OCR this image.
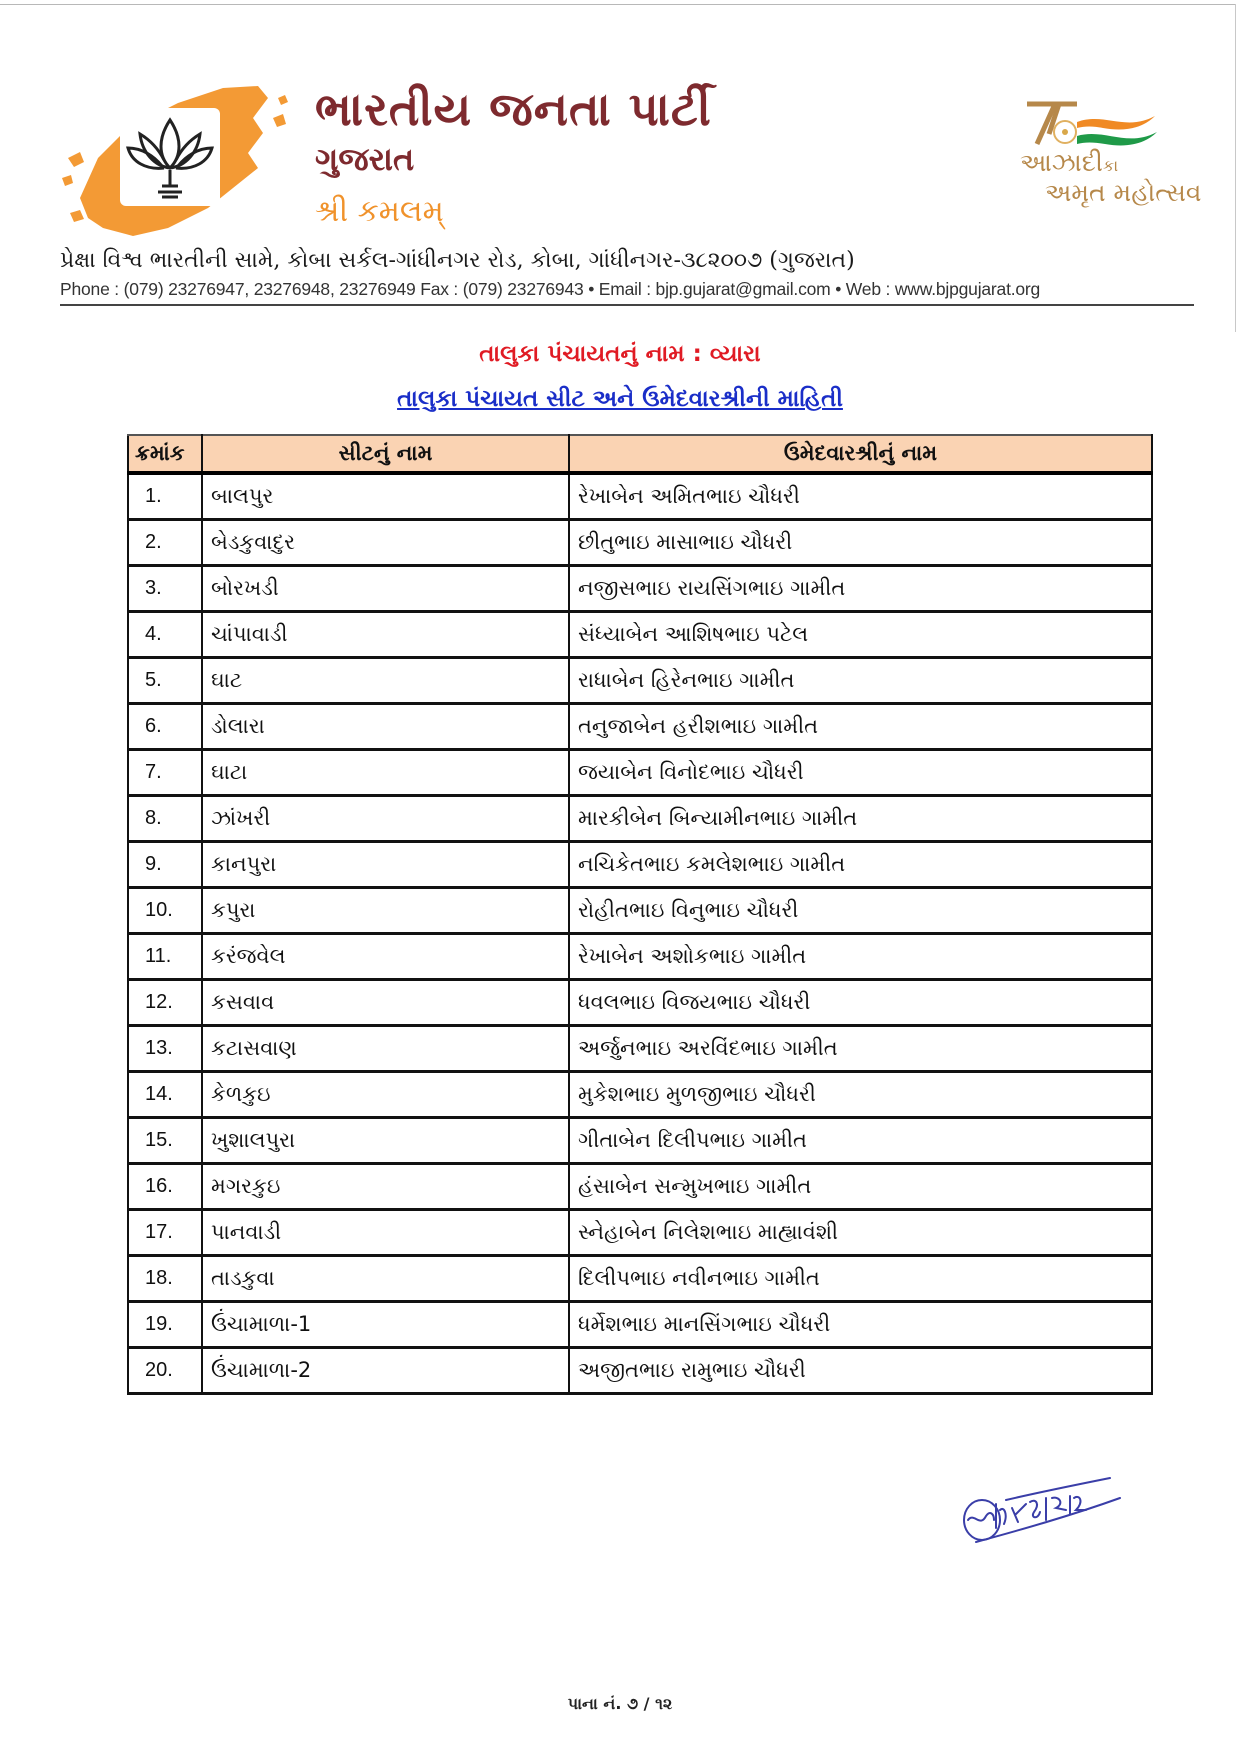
ભારતીય જનતા પાર્ટી
ગુજરાત
શ્રી કમલમ્
આઝાદીકા
અમૃત મહોત્સવ
પ્રેક્ષા વિશ્વ ભારતીની સામે, કોબા સર્કલ-ગાંધીનગર રોડ, કોબા, ગાંધીનગર-૩૮૨૦૦૭ (ગુજરાત)
Phone : (079) 23276947, 23276948, 23276949 Fax : (079) 23276943 • Email : bjp.gujarat@gmail.com • Web : www.bjpgujarat.org
તાલુકા પંચાયતનું નામ : વ્યારા
તાલુકા પંચાયત સીટ અને ઉમેદવારશ્રીની માહિતી
ક્રમાંક	સીટનું નામ	ઉમેદવારશ્રીનું નામ
1.	બાલપુર	રેખાબેન અમિતભાઇ ચૌધરી
2.	બેડકુવાદુર	છીતુભાઇ માસાભાઇ ચૌધરી
3.	બોરખડી	નજીસભાઇ રાયસિંગભાઇ ગામીત
4.	ચાંપાવાડી	સંધ્યાબેન આશિષભાઇ પટેલ
5.	ઘાટ	રાધાબેન હિરેનભાઇ ગામીત
6.	ડોલારા	તનુજાબેન હરીશભાઇ ગામીત
7.	ઘાટા	જયાબેન વિનોદભાઇ ચૌધરી
8.	ઝાંખરી	મારકીબેન બિન્યામીનભાઇ ગામીત
9.	કાનપુરા	નચિકેતભાઇ કમલેશભાઇ ગામીત
10.	કપુરા	રોહીતભાઇ વિનુભાઇ ચૌધરી
11.	કરંજવેલ	રેખાબેન અશોકભાઇ ગામીત
12.	કસવાવ	ધવલભાઇ વિજયભાઇ ચૌધરી
13.	કટાસવાણ	અર્જુનભાઇ અરવિંદભાઇ ગામીત
14.	કેળકુઇ	મુકેશભાઇ મુળજીભાઇ ચૌધરી
15.	ખુશાલપુરા	ગીતાબેન દિલીપભાઇ ગામીત
16.	મગરકુઇ	હંસાબેન સન્મુખભાઇ ગામીત
17.	પાનવાડી	સ્નેહાબેન નિલેશભાઇ માહ્યાવંશી
18.	તાડકુવા	દિલીપભાઇ નવીનભાઇ ગામીત
19.	ઉંચામાળા-1	ધર્મેશભાઇ માનસિંગભાઇ ચૌધરી
20.	ઉંચામાળા-2	અજીતભાઇ રામુભાઇ ચૌધરી
પાના નં. ૭ / ૧૨
